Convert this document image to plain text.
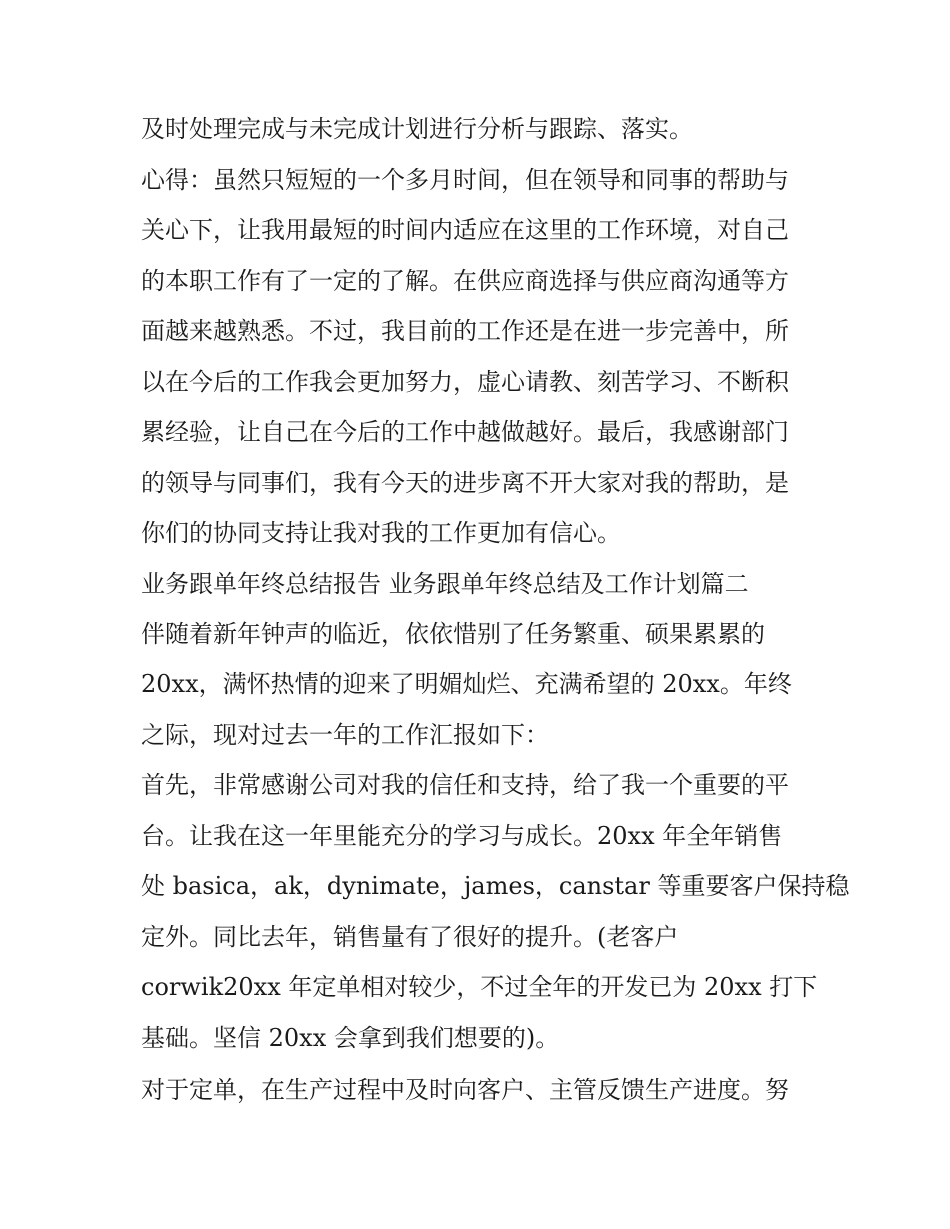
及时处理完成与未完成计划进行分析与跟踪、落实。

心得：虽然只短短的一个多月时间，但在领导和同事的帮助与

关心下，让我用最短的时间内适应在这里的工作环境，对自己

的本职工作有了一定的了解。在供应商选择与供应商沟通等方

面越来越熟悉。不过，我目前的工作还是在进一步完善中，所

以在今后的工作我会更加努力，虚心请教、刻苦学习、不断积

累经验，让自己在今后的工作中越做越好。最后，我感谢部门

的领导与同事们，我有今天的进步离不开大家对我的帮助，是

你们的协同支持让我对我的工作更加有信心。

业务跟单年终总结报告 业务跟单年终总结及工作计划篇二

伴随着新年钟声的临近，依依惜别了任务繁重、硕果累累的

20xx，满怀热情的迎来了明媚灿烂、充满希望的 20xx。年终

之际，现对过去一年的工作汇报如下：

首先，非常感谢公司对我的信任和支持，给了我一个重要的平

台。让我在这一年里能充分的学习与成长。20xx 年全年销售

处 basica，ak，dynimate，james，canstar 等重要客户保持稳

定外。同比去年，销售量有了很好的提升。(老客户

corwik20xx 年定单相对较少，不过全年的开发已为 20xx 打下

基础。坚信 20xx 会拿到我们想要的)。

对于定单，在生产过程中及时向客户、主管反馈生产进度。努
